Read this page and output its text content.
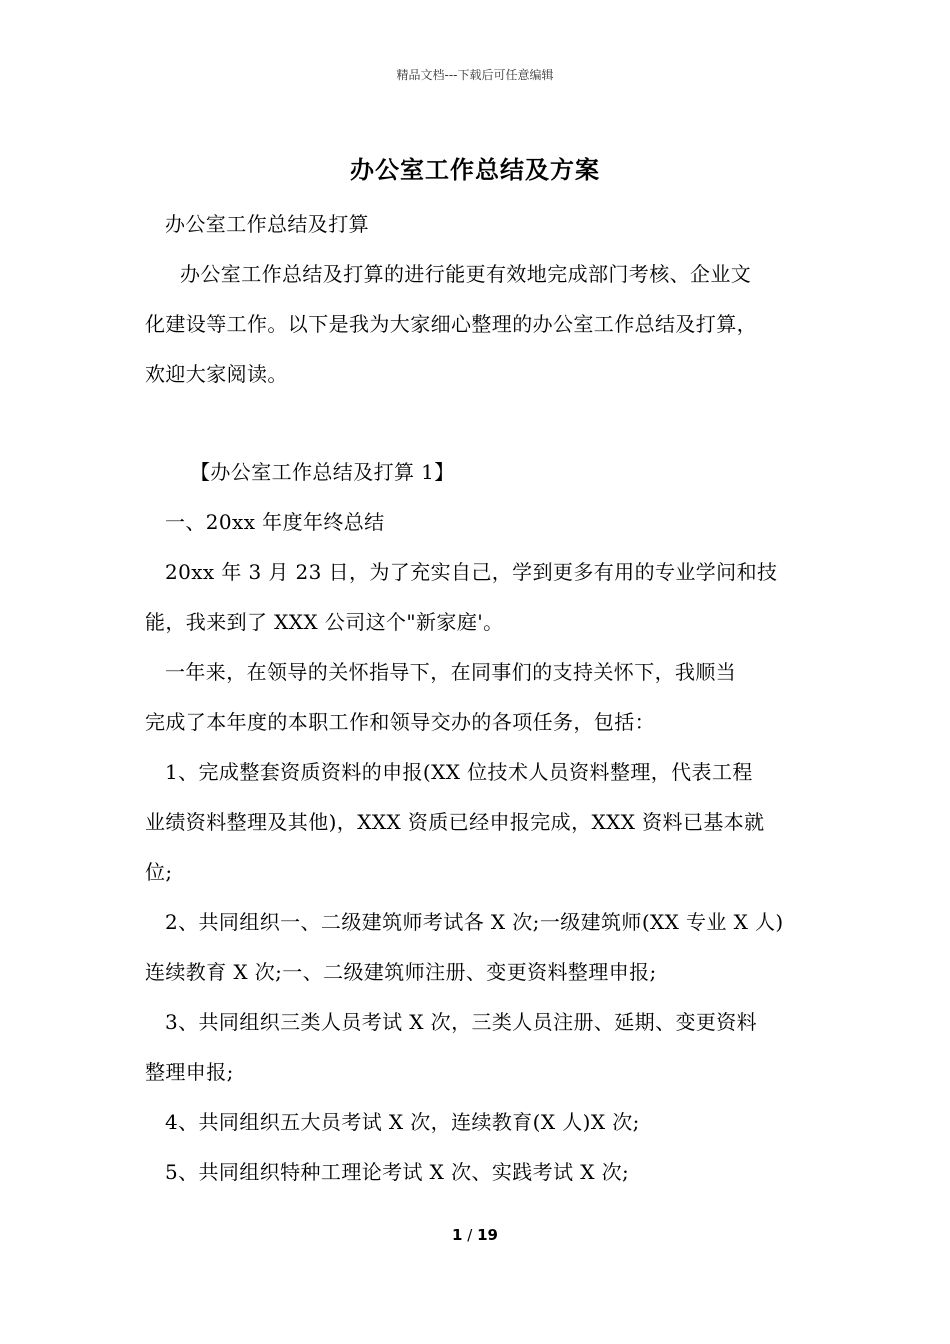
精品文档---下载后可任意编辑
办公室工作总结及方案
办公室工作总结及打算
办公室工作总结及打算的进行能更有效地完成部门考核、企业文
化建设等工作。以下是我为大家细心整理的办公室工作总结及打算，
欢迎大家阅读。
【办公室工作总结及打算 1】
一、20xx 年度年终总结
20xx 年 3 月 23 日，为了充实自己，学到更多有用的专业学问和技
能，我来到了 XXX 公司这个"新家庭'。
一年来，在领导的关怀指导下，在同事们的支持关怀下，我顺当
完成了本年度的本职工作和领导交办的各项任务，包括：
1、完成整套资质资料的申报(XX 位技术人员资料整理，代表工程
业绩资料整理及其他)，XXX 资质已经申报完成，XXX 资料已基本就
位;
2、共同组织一、二级建筑师考试各 X 次;一级建筑师(XX 专业 X 人)
连续教育 X 次;一、二级建筑师注册、变更资料整理申报;
3、共同组织三类人员考试 X 次，三类人员注册、延期、变更资料
整理申报;
4、共同组织五大员考试 X 次，连续教育(X 人)X 次;
5、共同组织特种工理论考试 X 次、实践考试 X 次;
1 / 19
